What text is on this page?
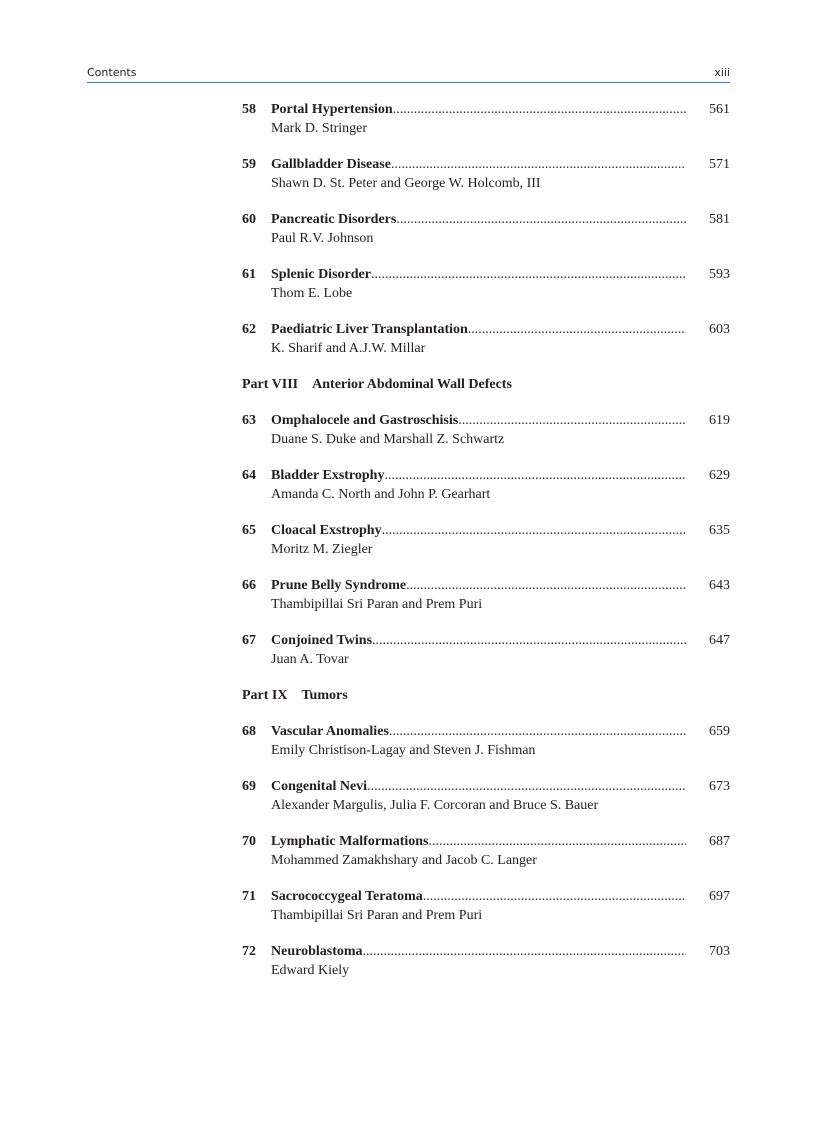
Contents	xiii
58	Portal Hypertension .....	561
Mark D. Stringer
59	Gallbladder Disease .....	571
Shawn D. St. Peter and George W. Holcomb, III
60	Pancreatic Disorders .....	581
Paul R.V. Johnson
61	Splenic Disorder .....	593
Thom E. Lobe
62	Paediatric Liver Transplantation .....	603
K. Sharif and A.J.W. Millar
Part VIII Anterior Abdominal Wall Defects
63	Omphalocele and Gastroschisis .....	619
Duane S. Duke and Marshall Z. Schwartz
64	Bladder Exstrophy .....	629
Amanda C. North and John P. Gearhart
65	Cloacal Exstrophy .....	635
Moritz M. Ziegler
66	Prune Belly Syndrome .....	643
Thambipillai Sri Paran and Prem Puri
67	Conjoined Twins .....	647
Juan A. Tovar
Part IX Tumors
68	Vascular Anomalies .....	659
Emily Christison-Lagay and Steven J. Fishman
69	Congenital Nevi .....	673
Alexander Margulis, Julia F. Corcoran and Bruce S. Bauer
70	Lymphatic Malformations .....	687
Mohammed Zamakhshary and Jacob C. Langer
71	Sacrococcygeal Teratoma .....	697
Thambipillai Sri Paran and Prem Puri
72	Neuroblastoma .....	703
Edward Kiely
